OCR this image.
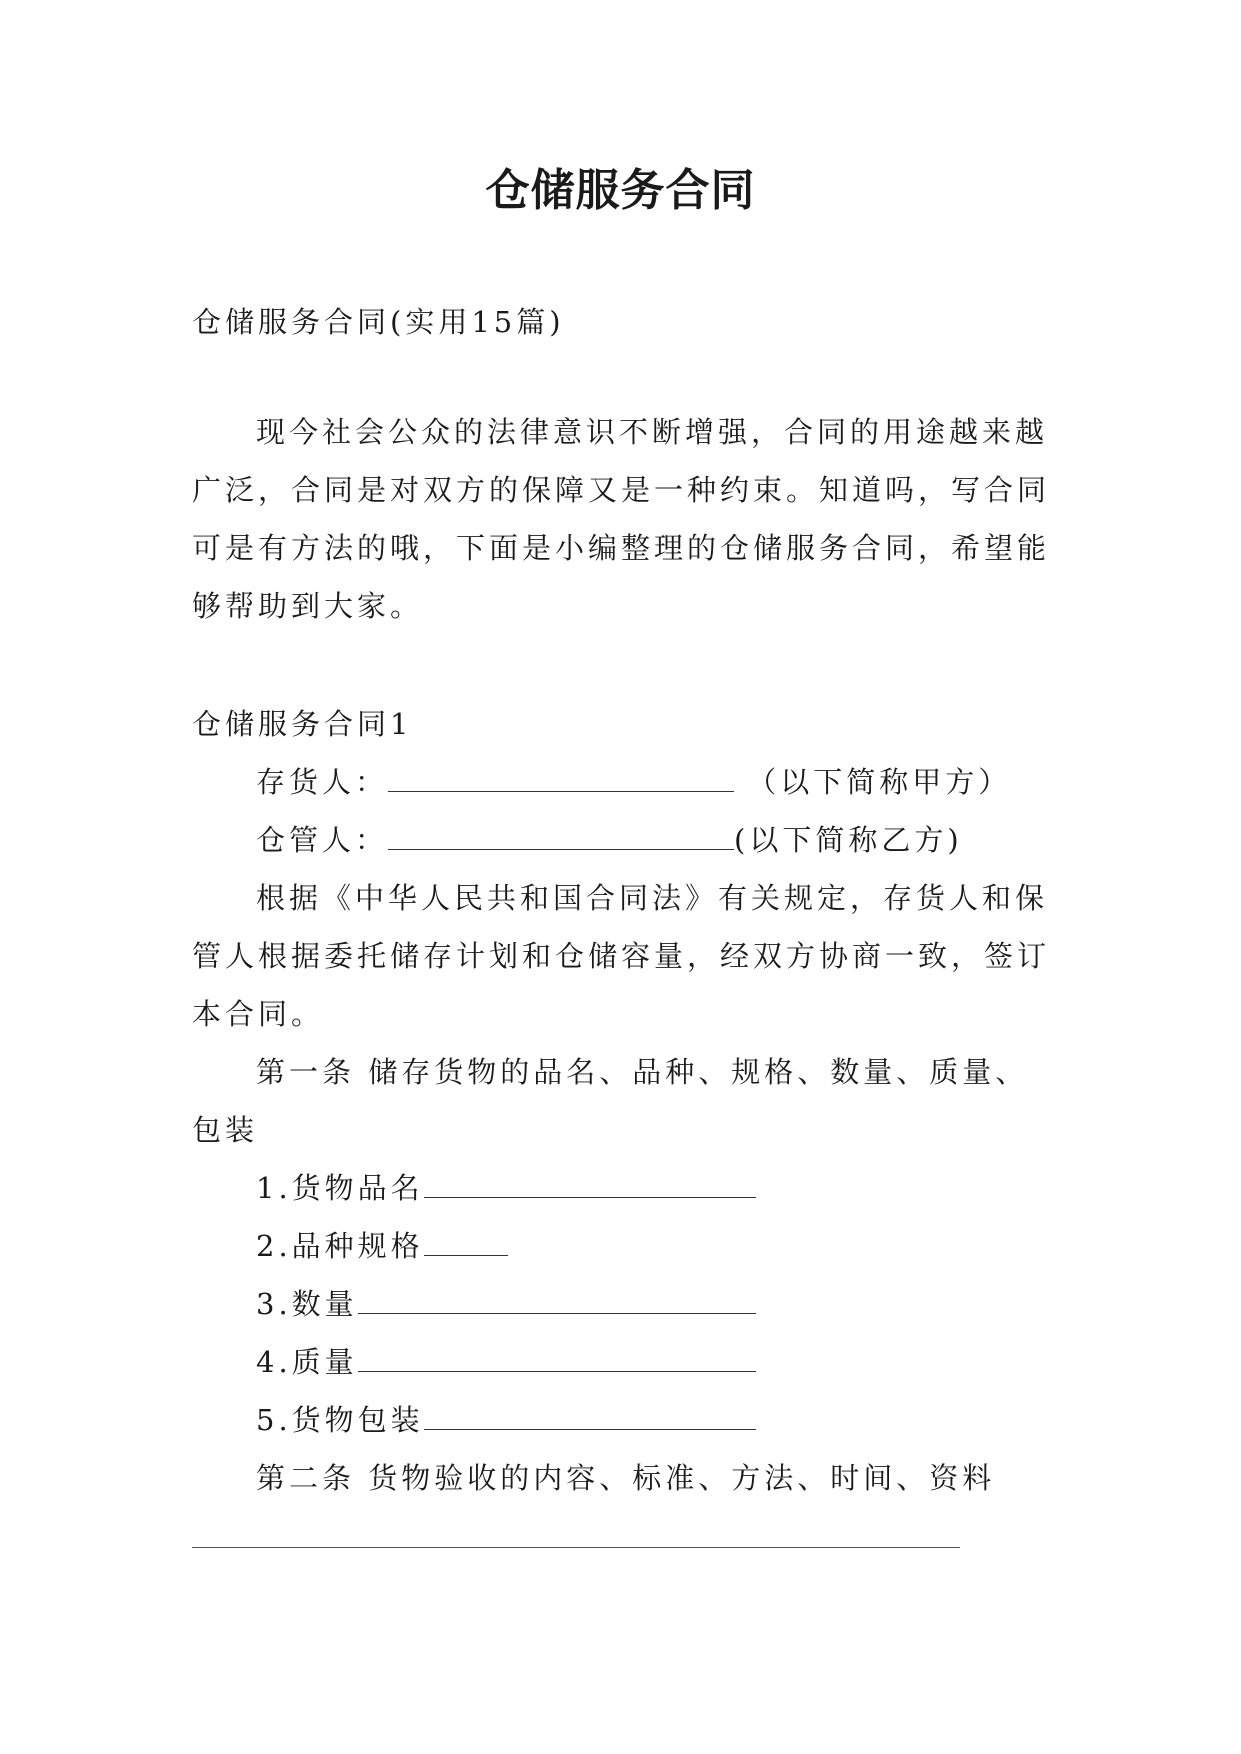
仓储服务合同
仓储服务合同(实用15篇)
现今社会公众的法律意识不断增强，合同的用途越来越
广泛，合同是对双方的保障又是一种约束。知道吗，写合同
可是有方法的哦，下面是小编整理的仓储服务合同，希望能
够帮助到大家。
仓储服务合同1
存货人：	（以下简称甲方）
仓管人：	(以下简称乙方)
根据《中华人民共和国合同法》有关规定，存货人和保
管人根据委托储存计划和仓储容量，经双方协商一致，签订
本合同。
第一条 储存货物的品名、品种、规格、数量、质量、
包装
1.货物品名
2.品种规格
3.数量
4.质量
5.货物包装
第二条 货物验收的内容、标准、方法、时间、资料
